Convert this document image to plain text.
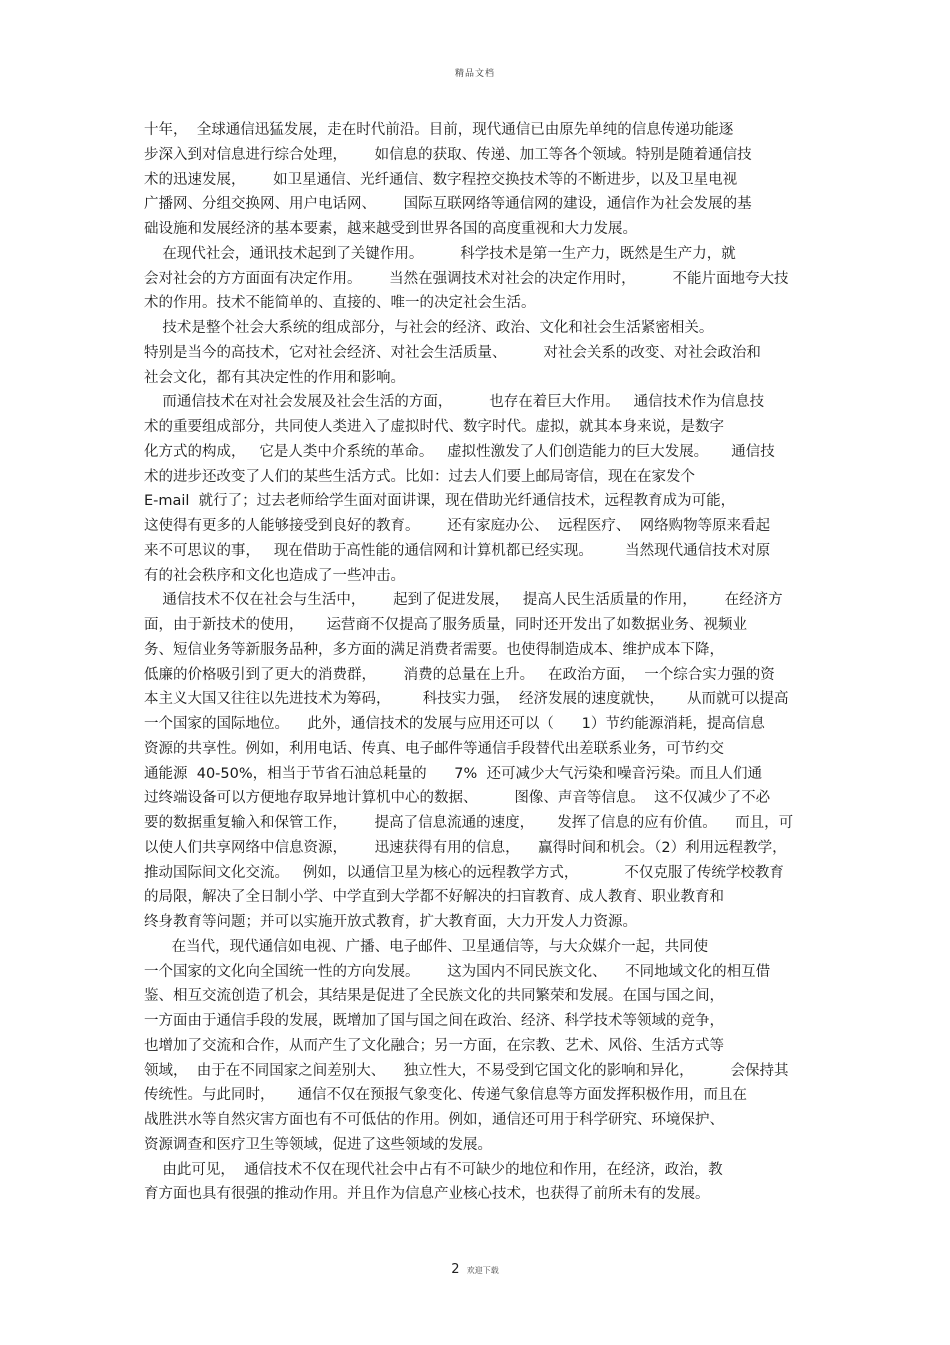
精品文档
十年，  全球通信迅猛发展，走在时代前沿。目前，现代通信已由原先单纯的信息传递功能逐
步深入到对信息进行综合处理，      如信息的获取、传递、加工等各个领域。特别是随着通信技
术的迅速发展，      如卫星通信、光纤通信、数字程控交换技术等的不断进步，以及卫星电视
广播网、分组交换网、用户电话网、      国际互联网络等通信网的建设，通信作为社会发展的基
础设施和发展经济的基本要素，越来越受到世界各国的高度重视和大力发展。
在现代社会，通讯技术起到了关键作用。        科学技术是第一生产力，既然是生产力，就
会对社会的方方面面有决定作用。      当然在强调技术对社会的决定作用时，        不能片面地夸大技
术的作用。技术不能简单的、直接的、唯一的决定社会生活。
技术是整个社会大系统的组成部分，与社会的经济、政治、文化和社会生活紧密相关。
特别是当今的高技术，它对社会经济、对社会生活质量、        对社会关系的改变、对社会政治和
社会文化，都有其决定性的作用和影响。
而通信技术在对社会发展及社会生活的方面，        也存在着巨大作用。   通信技术作为信息技
术的重要组成部分，共同使人类进入了虚拟时代、数字时代。虚拟，就其本身来说，是数字
化方式的构成，   它是人类中介系统的革命。   虚拟性激发了人们创造能力的巨大发展。     通信技
术的进步还改变了人们的某些生活方式。比如：过去人们要上邮局寄信，现在在家发个
E-mail  就行了；过去老师给学生面对面讲课，现在借助光纤通信技术，远程教育成为可能，
这使得有更多的人能够接受到良好的教育。      还有家庭办公、  远程医疗、  网络购物等原来看起
来不可思议的事，   现在借助于高性能的通信网和计算机都已经实现。       当然现代通信技术对原
有的社会秩序和文化也造成了一些冲击。
通信技术不仅在社会与生活中，      起到了促进发展，   提高人民生活质量的作用，      在经济方
面，由于新技术的使用，     运营商不仅提高了服务质量，同时还开发出了如数据业务、视频业
务、短信业务等新服务品种，多方面的满足消费者需要。也使得制造成本、维护成本下降，
低廉的价格吸引到了更大的消费群，      消费的总量在上升。   在政治方面，  一个综合实力强的资
本主义大国又往往以先进技术为筹码，       科技实力强，  经济发展的速度就快，     从而就可以提高
一个国家的国际地位。    此外，通信技术的发展与应用还可以（      1）节约能源消耗，提高信息
资源的共享性。例如，利用电话、传真、电子邮件等通信手段替代出差联系业务，可节约交
通能源  40-50%，相当于节省石油总耗量的      7%  还可减少大气污染和噪音污染。而且人们通
过终端设备可以方便地存取异地计算机中心的数据、        图像、声音等信息。  这不仅减少了不必
要的数据重复输入和保管工作，      提高了信息流通的速度，     发挥了信息的应有价值。    而且，可
以使人们共享网络中信息资源，      迅速获得有用的信息，    赢得时间和机会。（2）利用远程教学，
推动国际间文化交流。   例如，以通信卫星为核心的远程教学方式，          不仅克服了传统学校教育
的局限，解决了全日制小学、中学直到大学都不好解决的扫盲教育、成人教育、职业教育和
终身教育等问题；并可以实施开放式教育，扩大教育面，大力开发人力资源。
在当代，现代通信如电视、广播、电子邮件、卫星通信等，与大众媒介一起，共同使
一个国家的文化向全国统一性的方向发展。      这为国内不同民族文化、    不同地域文化的相互借
鉴、相互交流创造了机会，其结果是促进了全民族文化的共同繁荣和发展。在国与国之间，
一方面由于通信手段的发展，既增加了国与国之间在政治、经济、科学技术等领域的竞争，
也增加了交流和合作，从而产生了文化融合；另一方面，在宗教、艺术、风俗、生活方式等
领域，  由于在不同国家之间差别大、    独立性大，不易受到它国文化的影响和异化，        会保持其
传统性。与此同时，     通信不仅在预报气象变化、传递气象信息等方面发挥积极作用，而且在
战胜洪水等自然灾害方面也有不可低估的作用。例如，通信还可用于科学研究、环境保护、
资源调查和医疗卫生等领域，促进了这些领域的发展。
由此可见，  通信技术不仅在现代社会中占有不可缺少的地位和作用，在经济，政治，教
育方面也具有很强的推动作用。并且作为信息产业核心技术，也获得了前所未有的发展。
2 欢迎下载
